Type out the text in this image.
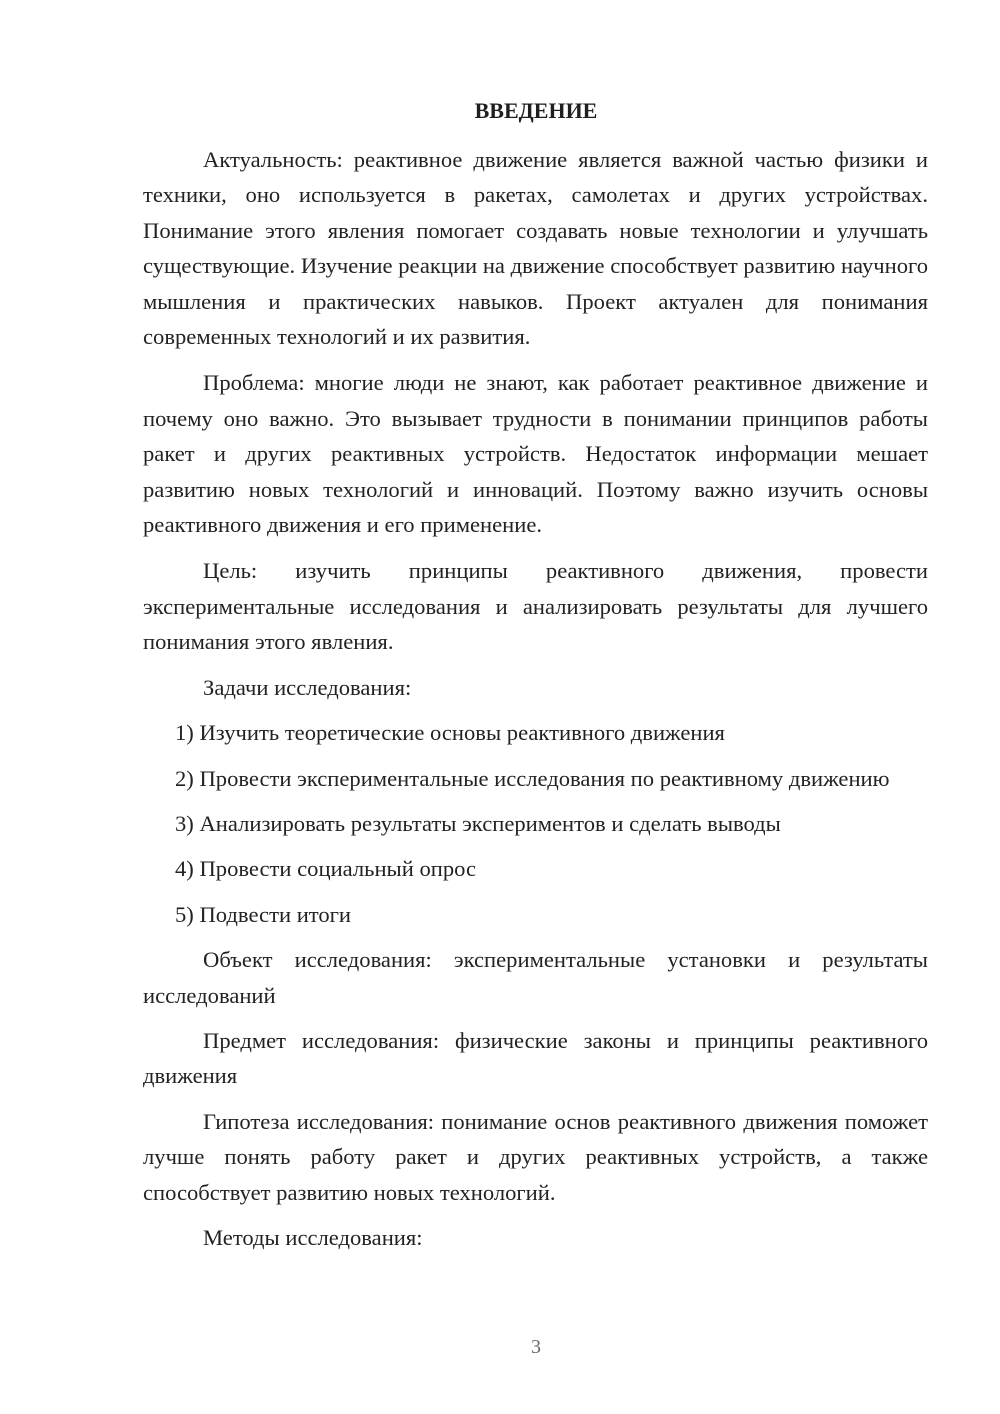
ВВЕДЕНИЕ

Актуальность: реактивное движение является важной частью физики и техники, оно используется в ракетах, самолетах и других устройствах. Понимание этого явления помогает создавать новые технологии и улучшать существующие. Изучение реакции на движение способствует развитию научного мышления и практических навыков. Проект актуален для понимания современных технологий и их развития.

Проблема: многие люди не знают, как работает реактивное движение и почему оно важно. Это вызывает трудности в понимании принципов работы ракет и других реактивных устройств. Недостаток информации мешает развитию новых технологий и инноваций. Поэтому важно изучить основы реактивного движения и его применение.

Цель: изучить принципы реактивного движения, провести экспериментальные исследования и анализировать результаты для лучшего понимания этого явления.

Задачи исследования:

1) Изучить теоретические основы реактивного движения

2) Провести экспериментальные исследования по реактивному движению

3) Анализировать результаты экспериментов и сделать выводы

4) Провести социальный опрос

5) Подвести итоги

Объект исследования: экспериментальные установки и результаты исследований

Предмет исследования: физические законы и принципы реактивного движения

Гипотеза исследования: понимание основ реактивного движения поможет лучше понять работу ракет и других реактивных устройств, а также способствует развитию новых технологий.

Методы исследования:

3
